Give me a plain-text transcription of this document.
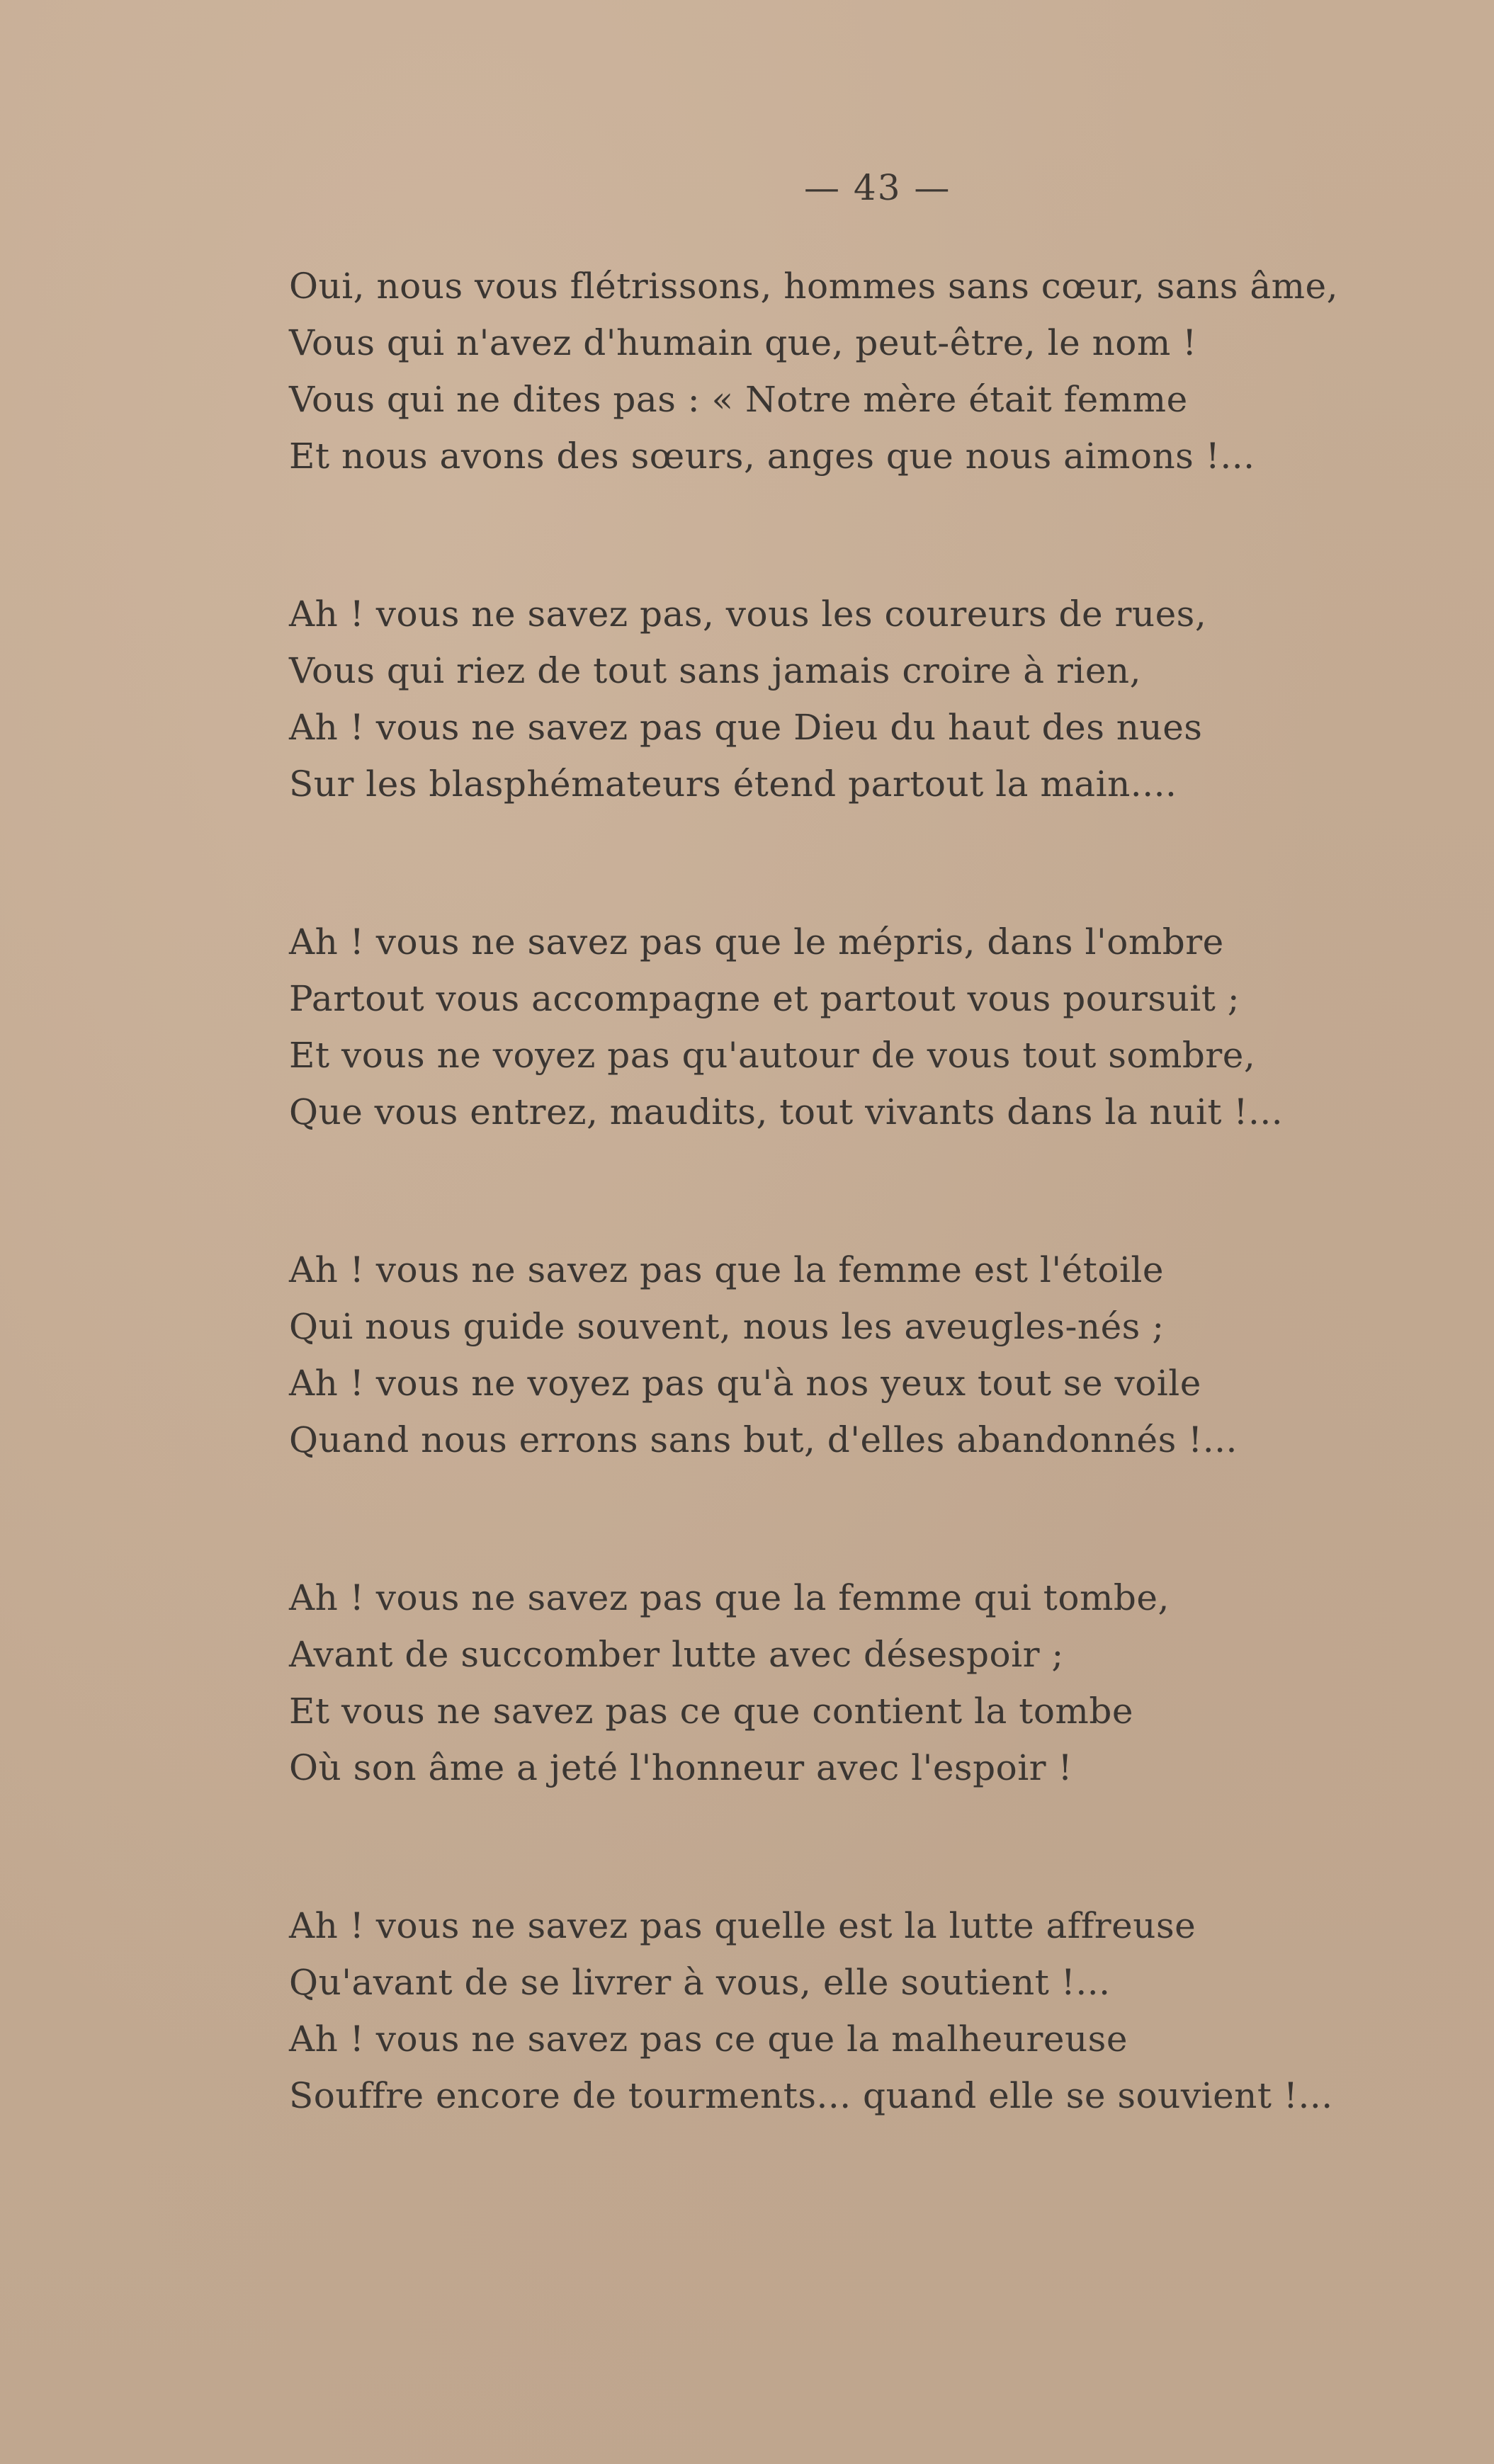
— 43 —
Oui, nous vous flétrissons, hommes sans cœur, sans âme,
Vous qui n'avez d'humain que, peut-être, le nom !
Vous qui ne dites pas : « Notre mère était femme
Et nous avons des sœurs, anges que nous aimons !...
Ah ! vous ne savez pas, vous les coureurs de rues,
Vous qui riez de tout sans jamais croire à rien,
Ah ! vous ne savez pas que Dieu du haut des nues
Sur les blasphémateurs étend partout la main....
Ah ! vous ne savez pas que le mépris, dans l'ombre
Partout vous accompagne et partout vous poursuit ;
Et vous ne voyez pas qu'autour de vous tout sombre,
Que vous entrez, maudits, tout vivants dans la nuit !...
Ah ! vous ne savez pas que la femme est l'étoile
Qui nous guide souvent, nous les aveugles-nés ;
Ah ! vous ne voyez pas qu'à nos yeux tout se voile
Quand nous errons sans but, d'elles abandonnés !...
Ah ! vous ne savez pas que la femme qui tombe,
Avant de succomber lutte avec désespoir ;
Et vous ne savez pas ce que contient la tombe
Où son âme a jeté l'honneur avec l'espoir !
Ah ! vous ne savez pas quelle est la lutte affreuse
Qu'avant de se livrer à vous, elle soutient !...
Ah ! vous ne savez pas ce que la malheureuse
Souffre encore de tourments... quand elle se souvient !...
